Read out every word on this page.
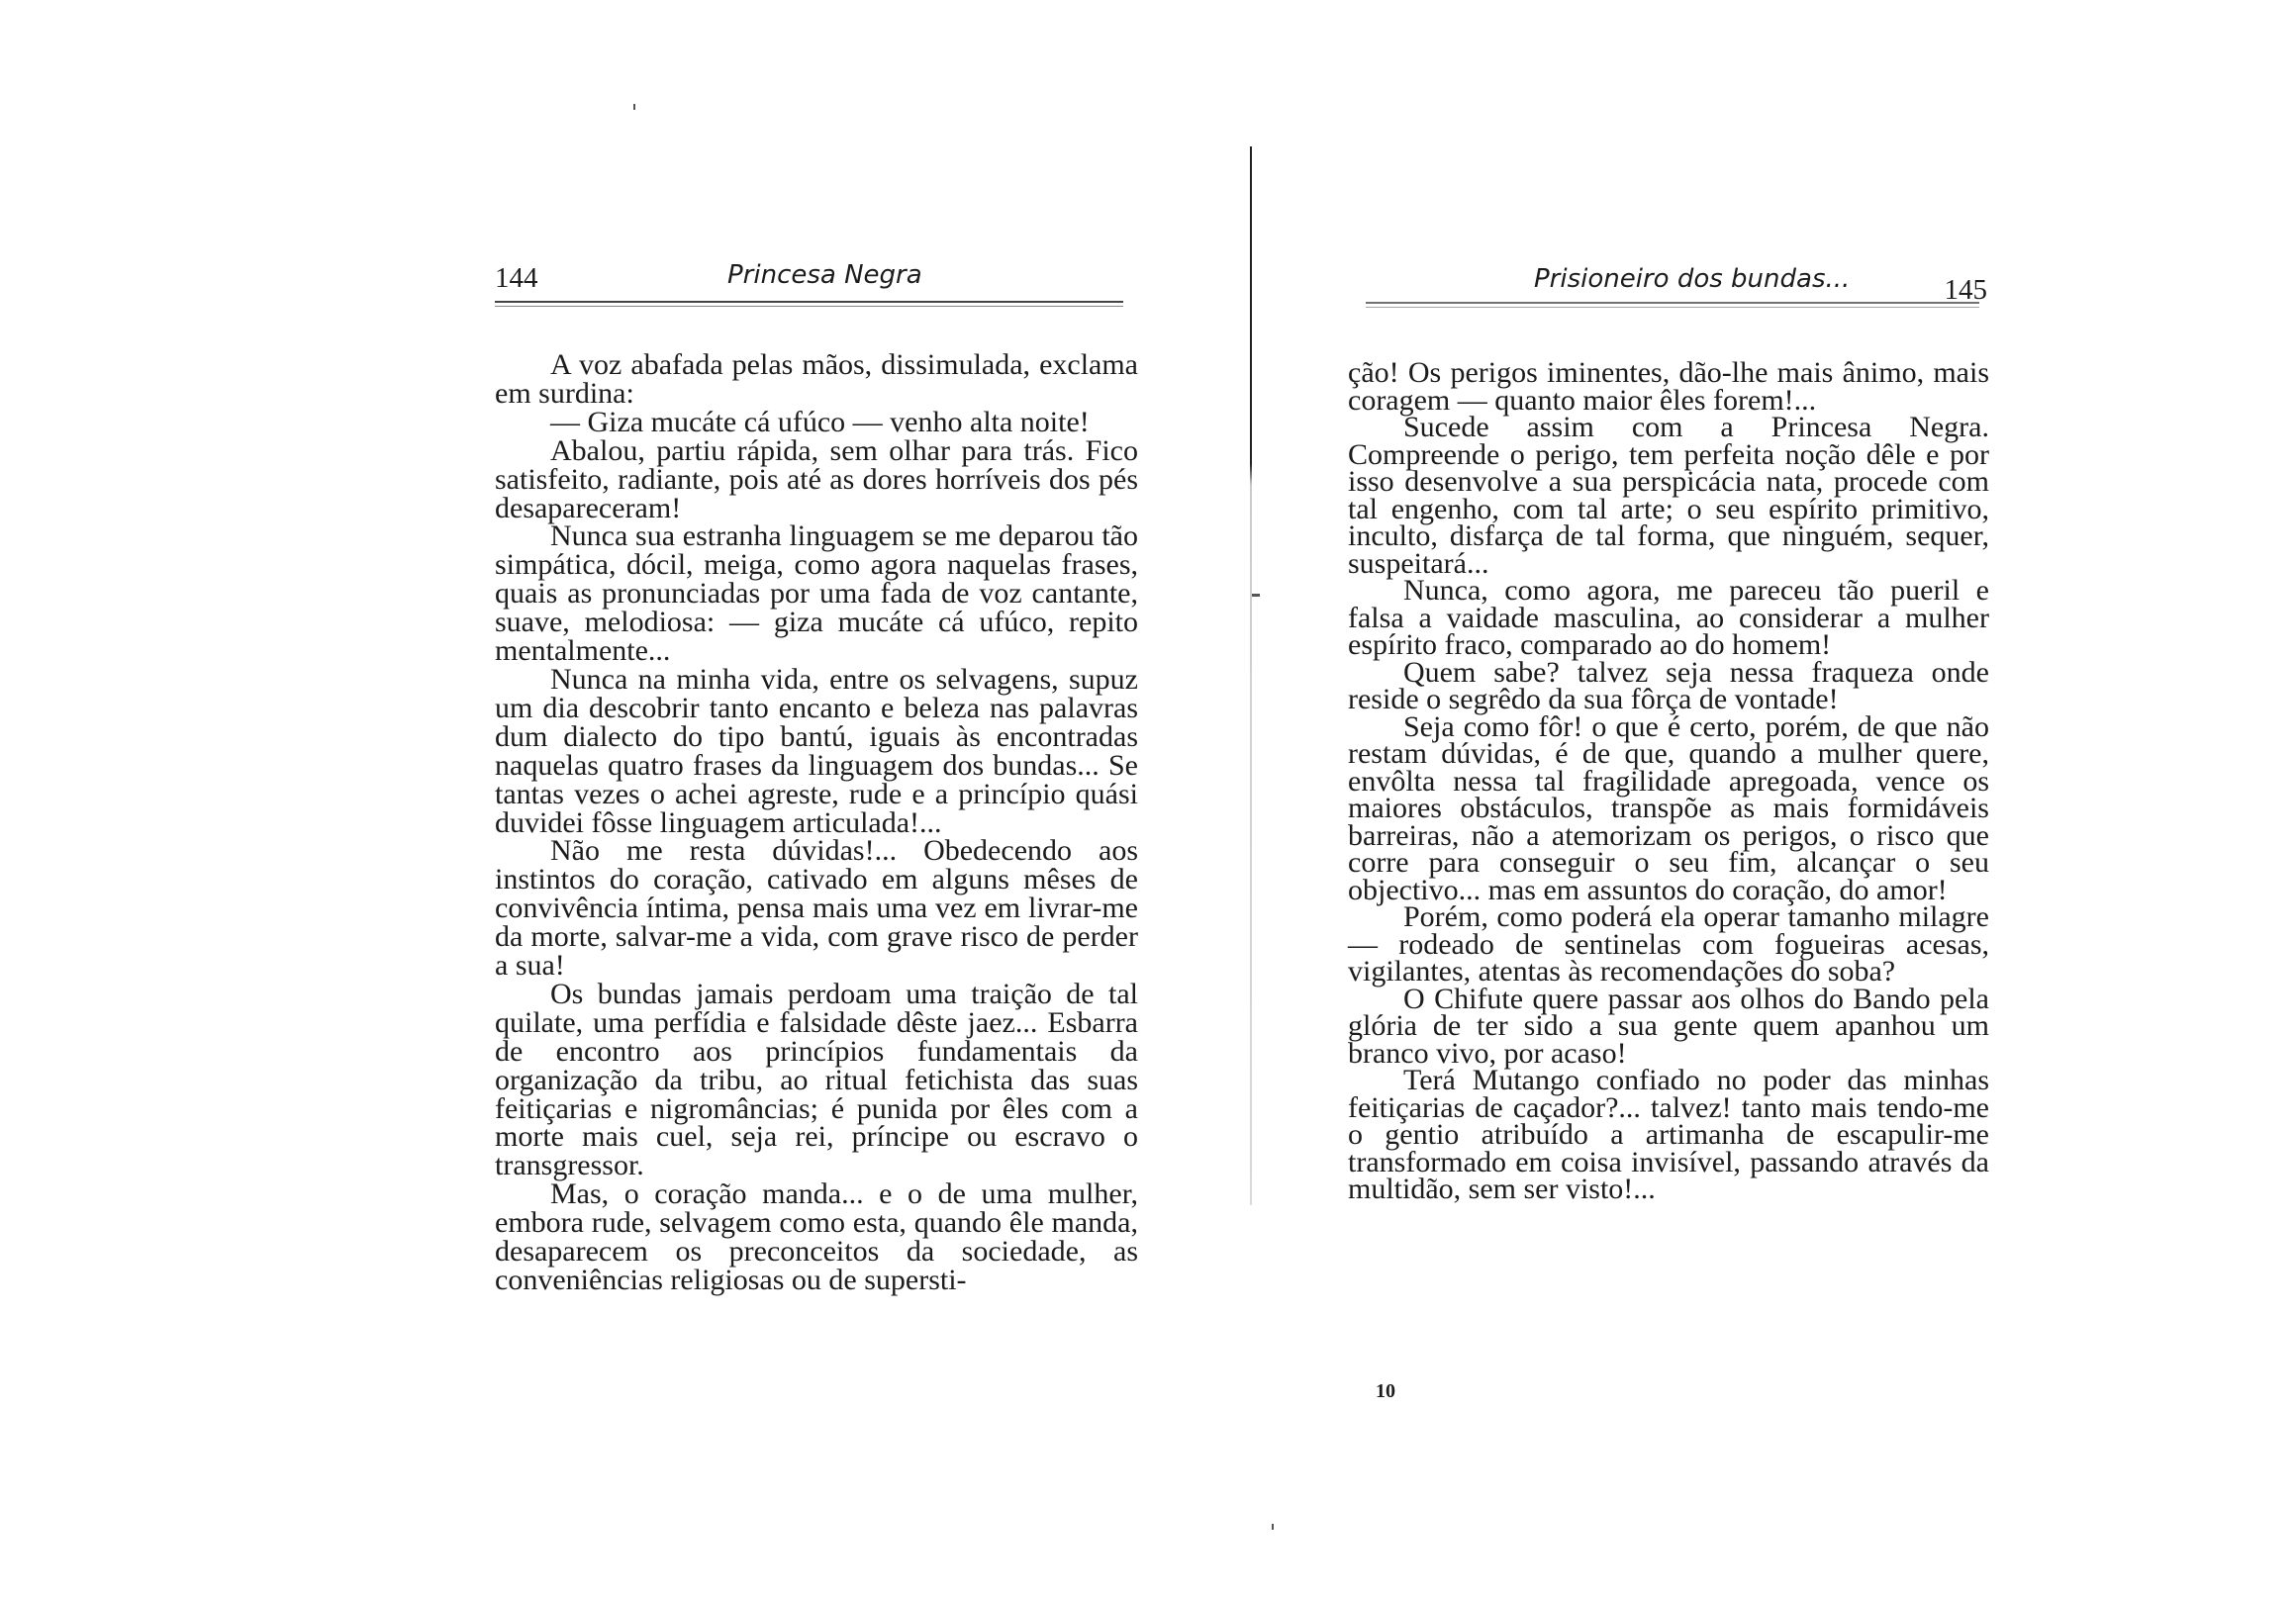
144	Princesa Negra

A voz abafada pelas mãos, dissimulada, exclama em surdina:

— Giza mucáte cá ufúco — venho alta noite!

Abalou, partiu rápida, sem olhar para trás. Fico satisfeito, radiante, pois até as dores horríveis dos pés desapareceram!

Nunca sua estranha linguagem se me deparou tão simpática, dócil, meiga, como agora naquelas frases, quais as pronunciadas por uma fada de voz cantante, suave, melodiosa: — giza mucáte cá ufúco, repito mentalmente...

Nunca na minha vida, entre os selvagens, supuz um dia descobrir tanto encanto e beleza nas palavras dum dialecto do tipo bantú, iguais às encontradas naquelas quatro frases da linguagem dos bundas... Se tantas vezes o achei agreste, rude e a princípio quási duvidei fôsse linguagem articulada!...

Não me resta dúvidas!... Obedecendo aos instintos do coração, cativado em alguns mêses de convivência íntima, pensa mais uma vez em livrar-me da morte, salvar-me a vida, com grave risco de perder a sua!

Os bundas jamais perdoam uma traição de tal quilate, uma perfídia e falsidade dêste jaez... Esbarra de encontro aos princípios fundamentais da organização da tribu, ao ritual fetichista das suas feitiçarias e nigromâncias; é punida por êles com a morte mais cuel, seja rei, príncipe ou escravo o transgressor.

Mas, o coração manda... e o de uma mulher, embora rude, selvagem como esta, quando êle manda, desaparecem os preconceitos da sociedade, as conveniências religiosas ou de supersti-

Prisioneiro dos bundas...	145

ção! Os perigos iminentes, dão-lhe mais ânimo, mais coragem — quanto maior êles forem!...

Sucede assim com a Princesa Negra. Compreende o perigo, tem perfeita noção dêle e por isso desenvolve a sua perspicácia nata, procede com tal engenho, com tal arte; o seu espírito primitivo, inculto, disfarça de tal forma, que ninguém, sequer, suspeitará...

Nunca, como agora, me pareceu tão pueril e falsa a vaidade masculina, ao considerar a mulher espírito fraco, comparado ao do homem!

Quem sabe? talvez seja nessa fraqueza onde reside o segrêdo da sua fôrça de vontade!

Seja como fôr! o que é certo, porém, de que não restam dúvidas, é de que, quando a mulher quere, envôlta nessa tal fragilidade apregoada, vence os maiores obstáculos, transpõe as mais formidáveis barreiras, não a atemorizam os perigos, o risco que corre para conseguir o seu fim, alcançar o seu objectivo... mas em assuntos do coração, do amor!

Porém, como poderá ela operar tamanho milagre — rodeado de sentinelas com fogueiras acesas, vigilantes, atentas às recomendações do soba?

O Chifute quere passar aos olhos do Bando pela glória de ter sido a sua gente quem apanhou um branco vivo, por acaso!

Terá Mutango confiado no poder das minhas feitiçarias de caçador?... talvez! tanto mais tendo-me o gentio atribuído a artimanha de escapulir-me transformado em coisa invisível, passando através da multidão, sem ser visto!...

10
